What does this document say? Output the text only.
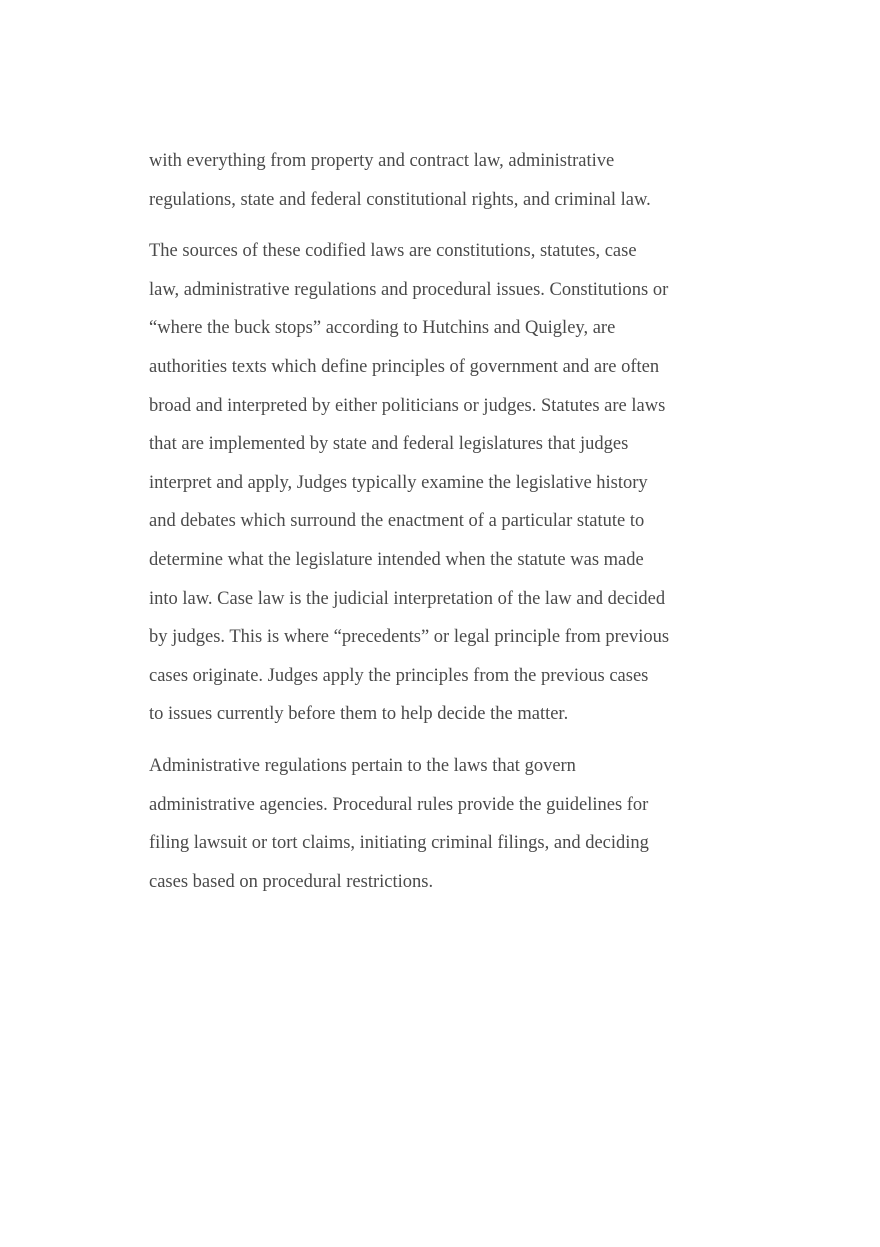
with everything from property and contract law, administrative
regulations, state and federal constitutional rights, and criminal law.

The sources of these codified laws are constitutions, statutes, case
law, administrative regulations and procedural issues. Constitutions or
“where the buck stops” according to Hutchins and Quigley, are
authorities texts which define principles of government and are often
broad and interpreted by either politicians or judges. Statutes are laws
that are implemented by state and federal legislatures that judges
interpret and apply, Judges typically examine the legislative history
and debates which surround the enactment of a particular statute to
determine what the legislature intended when the statute was made
into law. Case law is the judicial interpretation of the law and decided
by judges. This is where “precedents” or legal principle from previous
cases originate. Judges apply the principles from the previous cases
to issues currently before them to help decide the matter.

Administrative regulations pertain to the laws that govern
administrative agencies. Procedural rules provide the guidelines for
filing lawsuit or tort claims, initiating criminal filings, and deciding
cases based on procedural restrictions.
